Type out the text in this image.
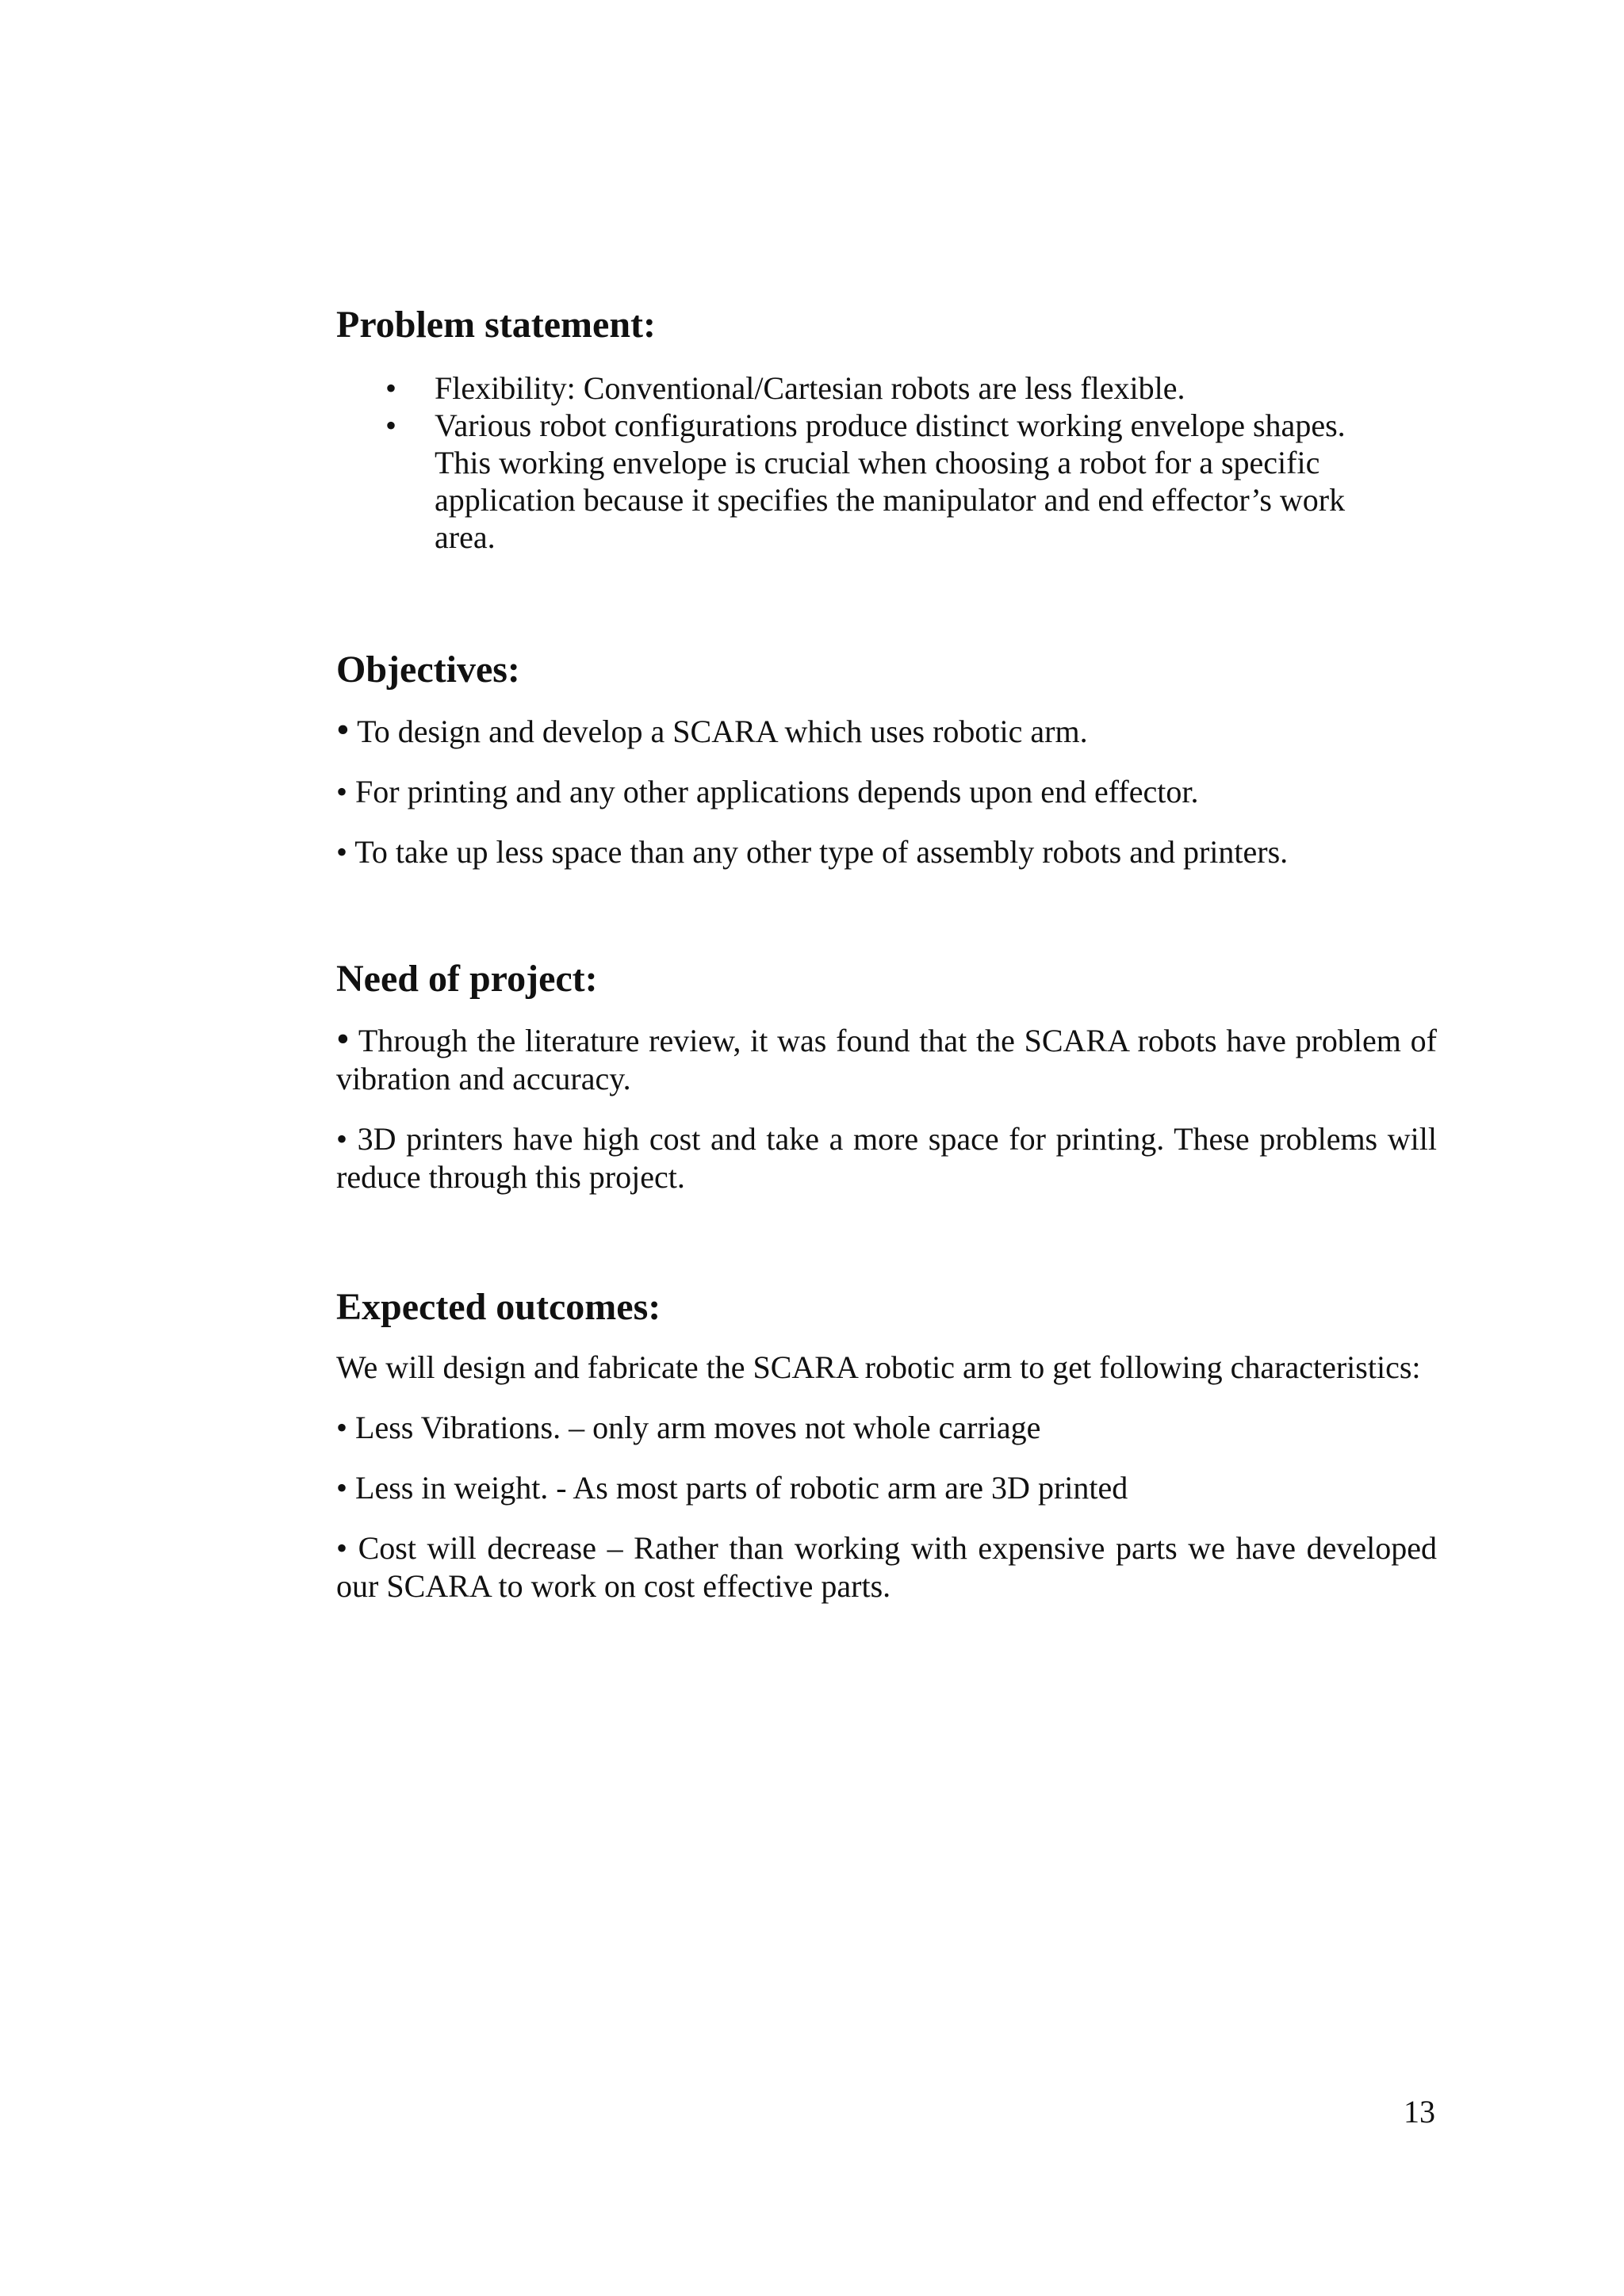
Problem statement:
• Flexibility: Conventional/Cartesian robots are less flexible.
• Various robot configurations produce distinct working envelope shapes. This working envelope is crucial when choosing a robot for a specific application because it specifies the manipulator and end effector’s work area.
Objectives:

• To design and develop a SCARA which uses robotic arm.

• For printing and any other applications depends upon end effector.

• To take up less space than any other type of assembly robots and printers.

Need of project:

• Through the literature review, it was found that the SCARA robots have problem of vibration and accuracy.

• 3D printers have high cost and take a more space for printing. These problems will reduce through this project.

Expected outcomes:

We will design and fabricate the SCARA robotic arm to get following characteristics:

• Less Vibrations. – only arm moves not whole carriage

• Less in weight. - As most parts of robotic arm are 3D printed

• Cost will decrease – Rather than working with expensive parts we have developed our SCARA to work on cost effective parts.

13
